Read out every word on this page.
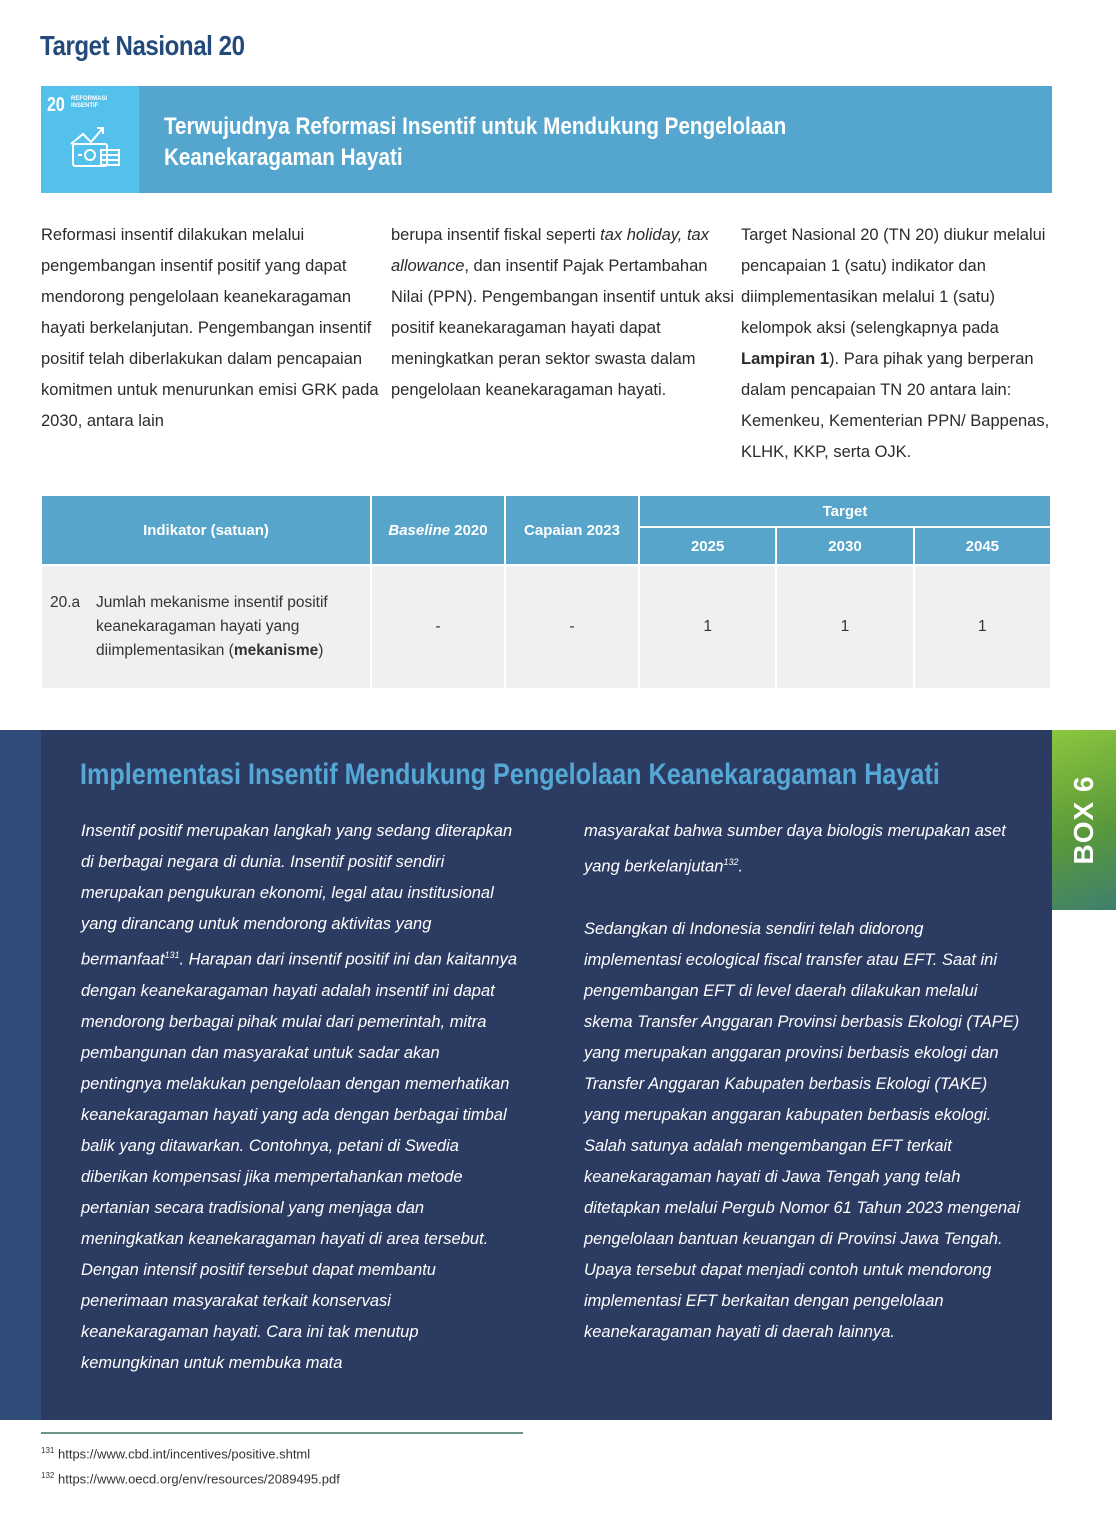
Target Nasional 20
20 REFORMASI
INSENTIF
Terwujudnya Reformasi Insentif untuk Mendukung Pengelolaan
Keanekaragaman Hayati

Reformasi insentif dilakukan melalui pengembangan insentif positif yang dapat mendorong pengelolaan keanekaragaman hayati berkelanjutan. Pengembangan insentif positif telah diberlakukan dalam pencapaian komitmen untuk menurunkan emisi GRK pada 2030, antara lain

berupa insentif fiskal seperti tax holiday, tax allowance, dan insentif Pajak Pertambahan Nilai (PPN). Pengembangan insentif untuk aksi positif keanekaragaman hayati dapat meningkatkan peran sektor swasta dalam pengelolaan keanekaragaman hayati.

Target Nasional 20 (TN 20) diukur melalui pencapaian 1 (satu) indikator dan diimplementasikan melalui 1 (satu) kelompok aksi (selengkapnya pada Lampiran 1). Para pihak yang berperan dalam pencapaian TN 20 antara lain: Kemenkeu, Kementerian PPN/ Bappenas, KLHK, KKP, serta OJK.

Indikator (satuan)	Baseline 2020	Capaian 2023	Target		
			2025	2030	2045
20.a Jumlah mekanisme insentif positif keanekaragaman hayati yang diimplementasikan (mekanisme)	-	-	1	1	1
Implementasi Insentif Mendukung Pengelolaan Keanekaragaman Hayati
Insentif positif merupakan langkah yang sedang diterapkan di berbagai negara di dunia. Insentif positif sendiri merupakan pengukuran ekonomi, legal atau institusional yang dirancang untuk mendorong aktivitas yang bermanfaat$^{131}$. Harapan dari insentif positif ini dan kaitannya dengan keanekaragaman hayati adalah insentif ini dapat mendorong berbagai pihak mulai dari pemerintah, mitra pembangunan dan masyarakat untuk sadar akan pentingnya melakukan pengelolaan dengan memerhatikan keanekaragaman hayati yang ada dengan berbagai timbal balik yang ditawarkan. Contohnya, petani di Swedia diberikan kompensasi jika mempertahankan metode pertanian secara tradisional yang menjaga dan meningkatkan keanekaragaman hayati di area tersebut. Dengan intensif positif tersebut dapat membantu penerimaan masyarakat terkait konservasi keanekaragaman hayati. Cara ini tak menutup kemungkinan untuk membuka mata
masyarakat bahwa sumber daya biologis merupakan aset yang berkelanjutan$^{132}$.

Sedangkan di Indonesia sendiri telah didorong implementasi ecological fiscal transfer atau EFT. Saat ini pengembangan EFT di level daerah dilakukan melalui skema Transfer Anggaran Provinsi berbasis Ekologi (TAPE) yang merupakan anggaran provinsi berbasis ekologi dan Transfer Anggaran Kabupaten berbasis Ekologi (TAKE) yang merupakan anggaran kabupaten berbasis ekologi. Salah satunya adalah mengembangan EFT terkait keanekaragaman hayati di Jawa Tengah yang telah ditetapkan melalui Pergub Nomor 61 Tahun 2023 mengenai pengelolaan bantuan keuangan di Provinsi Jawa Tengah. Upaya tersebut dapat menjadi contoh untuk mendorong implementasi EFT berkaitan dengan pengelolaan keanekaragaman hayati di daerah lainnya.
BOX 6
$^{131}$ https://www.cbd.int/incentives/positive.shtml
$^{132}$ https://www.oecd.org/env/resources/2089495.pdf
